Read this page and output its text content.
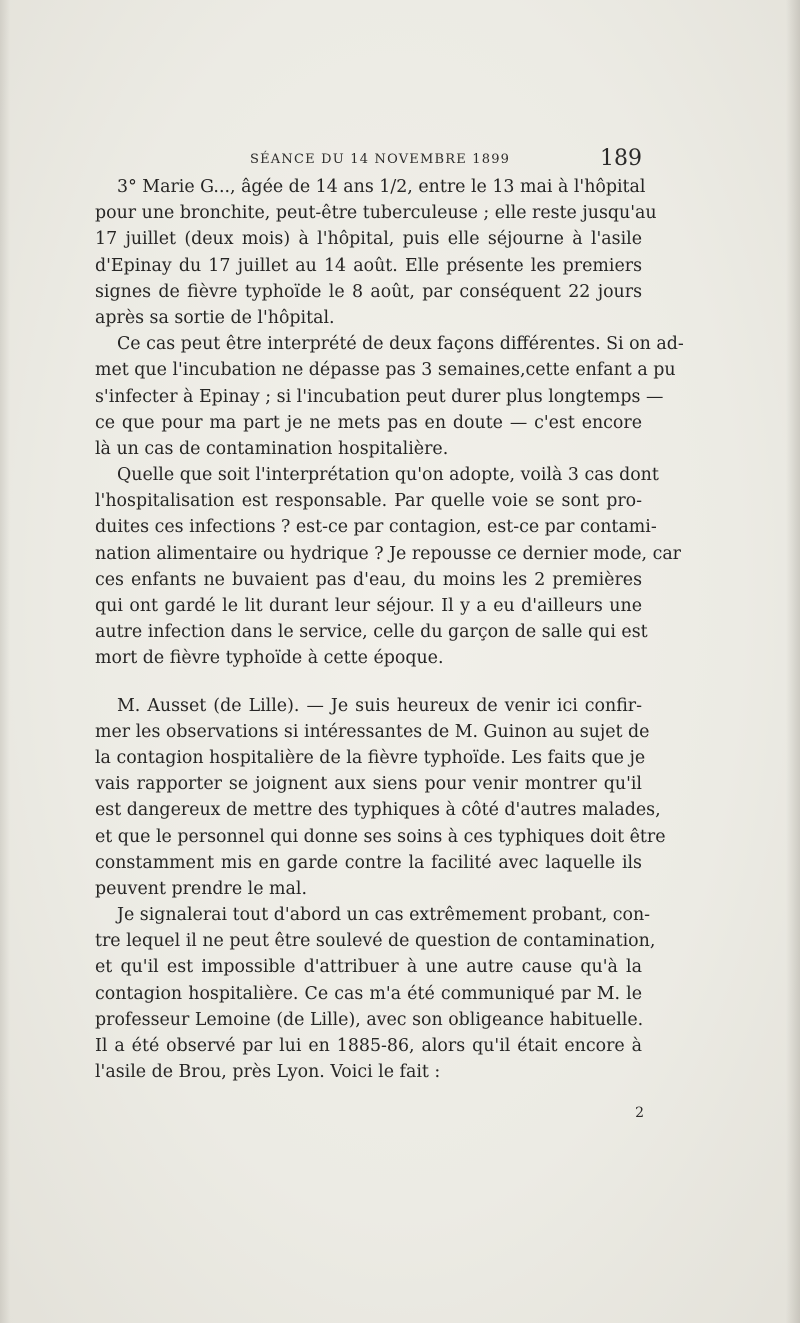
SÉANCE DU 14 NOVEMBRE 1899	189
3° Marie G..., âgée de 14 ans 1/2, entre le 13 mai à l'hôpital
pour une bronchite, peut-être tuberculeuse ; elle reste jusqu'au
17 juillet (deux mois) à l'hôpital, puis elle séjourne à l'asile
d'Epinay du 17 juillet au 14 août. Elle présente les premiers
signes de fièvre typhoïde le 8 août, par conséquent 22 jours
après sa sortie de l'hôpital.
Ce cas peut être interprété de deux façons différentes. Si on ad-
met que l'incubation ne dépasse pas 3 semaines,cette enfant a pu
s'infecter à Epinay ; si l'incubation peut durer plus longtemps —
ce que pour ma part je ne mets pas en doute — c'est encore
là un cas de contamination hospitalière.
Quelle que soit l'interprétation qu'on adopte, voilà 3 cas dont
l'hospitalisation est responsable. Par quelle voie se sont pro-
duites ces infections ? est-ce par contagion, est-ce par contami-
nation alimentaire ou hydrique ? Je repousse ce dernier mode, car
ces enfants ne buvaient pas d'eau, du moins les 2 premières
qui ont gardé le lit durant leur séjour. Il y a eu d'ailleurs une
autre infection dans le service, celle du garçon de salle qui est
mort de fièvre typhoïde à cette époque.
M. Ausset (de Lille). — Je suis heureux de venir ici confir-
mer les observations si intéressantes de M. Guinon au sujet de
la contagion hospitalière de la fièvre typhoïde. Les faits que je
vais rapporter se joignent aux siens pour venir montrer qu'il
est dangereux de mettre des typhiques à côté d'autres malades,
et que le personnel qui donne ses soins à ces typhiques doit être
constamment mis en garde contre la facilité avec laquelle ils
peuvent prendre le mal.
Je signalerai tout d'abord un cas extrêmement probant, con-
tre lequel il ne peut être soulevé de question de contamination,
et qu'il est impossible d'attribuer à une autre cause qu'à la
contagion hospitalière. Ce cas m'a été communiqué par M. le
professeur Lemoine (de Lille), avec son obligeance habituelle.
Il a été observé par lui en 1885-86, alors qu'il était encore à
l'asile de Brou, près Lyon. Voici le fait :
2
